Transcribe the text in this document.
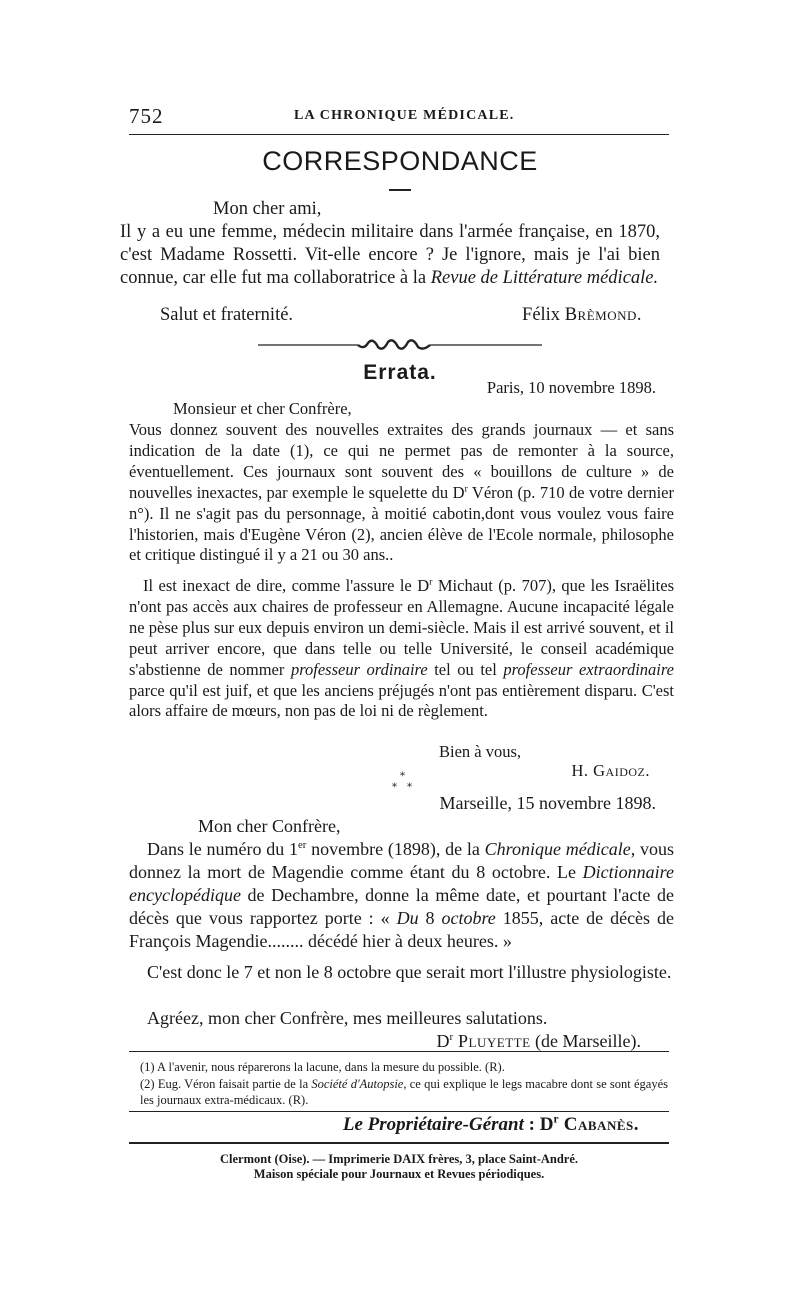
752	LA CHRONIQUE MÉDICALE.
CORRESPONDANCE

Mon cher ami,

Il y a eu une femme, médecin militaire dans l'armée française, en 1870, c'est Madame Rossetti. Vit-elle encore ? Je l'ignore, mais je l'ai bien connue, car elle fut ma collaboratrice à la Revue de Littérature médicale.

Salut et fraternité.	Félix Brèmond.
Errata.
Paris, 10 novembre 1898.
Monsieur et cher Confrère,

Vous donnez souvent des nouvelles extraites des grands journaux — et sans indication de la date (1), ce qui ne permet pas de remonter à la source, éventuellement. Ces journaux sont souvent des « bouillons de culture » de nouvelles inexactes, par exemple le squelette du $D^r$ Véron (p. 710 de votre dernier n°). Il ne s'agit pas du personnage, à moitié cabotin,dont vous voulez vous faire l'historien, mais d'Eugène Véron (2), ancien élève de l'Ecole normale, philosophe et critique distingué il y a 21 ou 30 ans..

Il est inexact de dire, comme l'assure le $D^r$ Michaut (p. 707), que les Israëlites n'ont pas accès aux chaires de professeur en Allemagne. Aucune incapacité légale ne pèse plus sur eux depuis environ un demi-siècle. Mais il est arrivé souvent, et il peut arriver encore, que dans telle ou telle Université, le conseil académique s'abstienne de nommer professeur ordinaire tel ou tel professeur extraordinaire parce qu'il est juif, et que les anciens préjugés n'ont pas entièrement disparu. C'est alors affaire de mœurs, non pas de loi ni de règlement.

Bien à vous,
H. Gaidoz.
*
* *
Marseille, 15 novembre 1898.
Mon cher Confrère,

Dans le numéro du 1er novembre (1898), de la Chronique médicale, vous donnez la mort de Magendie comme étant du 8 octobre. Le Dictionnaire encyclopédique de Dechambre, donne la même date, et pourtant l'acte de décès que vous rapportez porte : « Du 8 octobre 1855, acte de décès de François Magendie........ décédé hier à deux heures. »

C'est donc le 7 et non le 8 octobre que serait mort l'illustre physiologiste.

Agréez, mon cher Confrère, mes meilleures salutations.

$D^r$ Pluyette (de Marseille).
(1) A l'avenir, nous réparerons la lacune, dans la mesure du possible. (R).
(2) Eug. Véron faisait partie de la Société d'Autopsie, ce qui explique le legs macabre dont se sont égayés les journaux extra-médicaux. (R).
Le Propriétaire-Gérant : $D^r$ Cabanès.
Clermont (Oise). — Imprimerie DAIX frères, 3, place Saint-André.
Maison spéciale pour Journaux et Revues périodiques.
